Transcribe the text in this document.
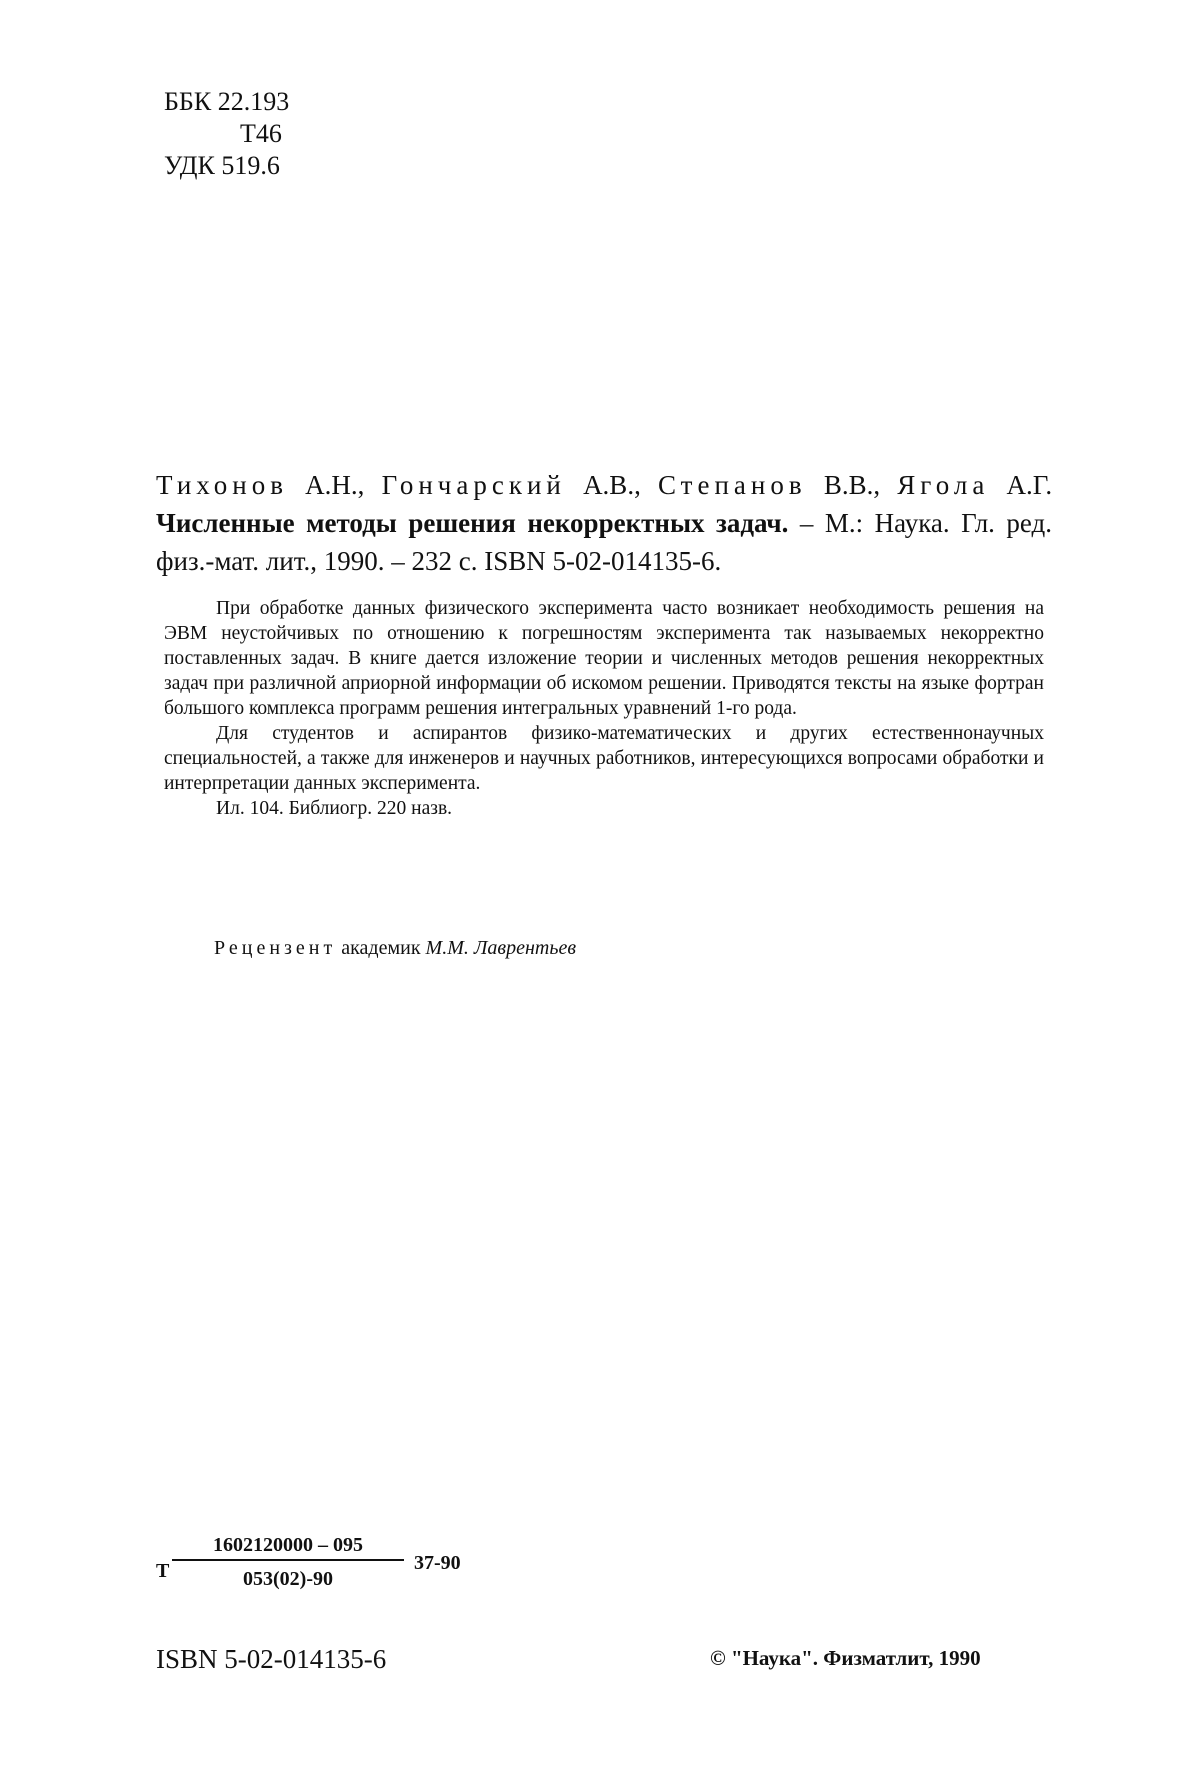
ББК 22.193
Т46
УДК 519.6
Тихонов А.Н., Гончарский А.В., Степанов В.В., Ягола А.Г. Численные методы решения некорректных задач. – М.: Наука. Гл. ред. физ.-мат. лит., 1990. – 232 с. ISBN 5-02-014135-6.

При обработке данных физического эксперимента часто возникает необходимость решения на ЭВМ неустойчивых по отношению к погрешностям эксперимента так называемых некорректно поставленных задач. В книге дается изложение теории и численных методов решения некорректных задач при различной априорной информации об искомом решении. Приводятся тексты на языке фортран большого комплекса программ решения интегральных уравнений 1-го рода.

Для студентов и аспирантов физико-математических и других естественнонаучных специальностей, а также для инженеров и научных работников, интересующихся вопросами обработки и интерпретации данных эксперимента.

Ил. 104. Библиогр. 220 назв.

Рецензент академик М.М. Лаврентьев
Т
1602120000 – 095
053(02)-90
37-90
ISBN 5-02-014135-6	© "Наука". Физматлит, 1990
